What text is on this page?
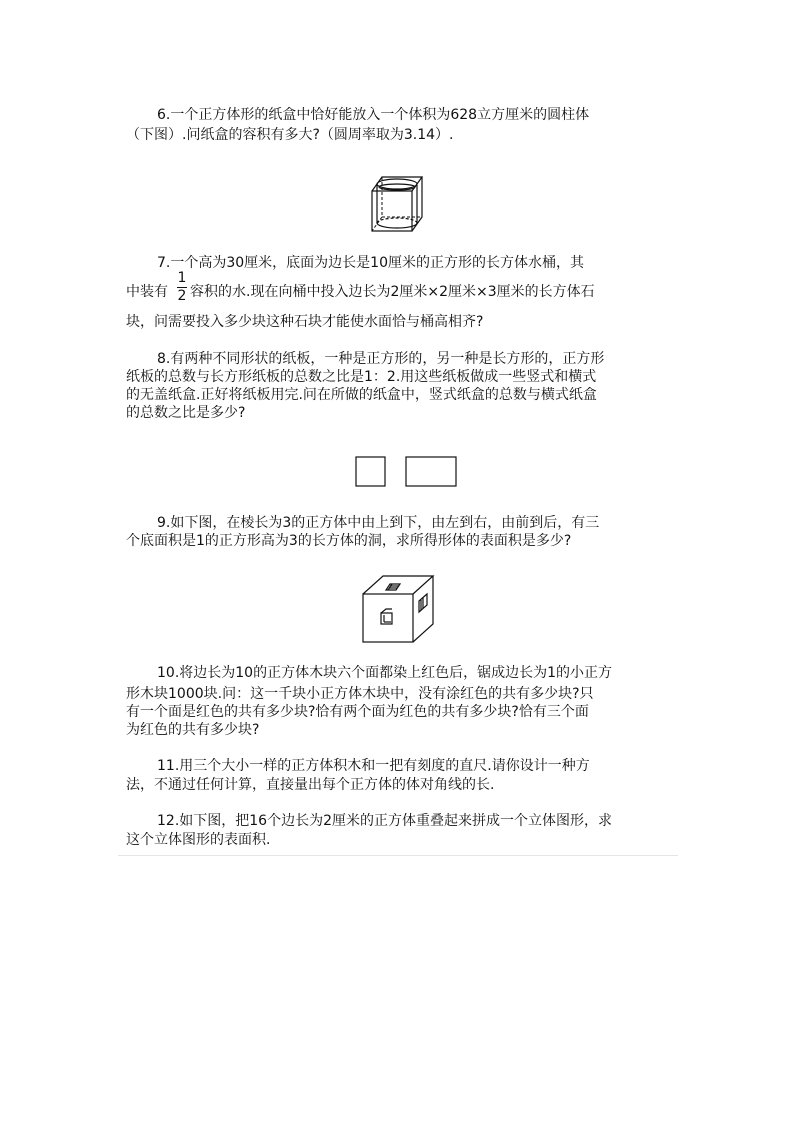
6.一个正方体形的纸盒中恰好能放入一个体积为628立方厘米的圆柱体
（下图）.问纸盒的容积有多大?（圆周率取为3.14）.
7.一个高为30厘米，底面为边长是10厘米的正方形的长方体水桶，其
中装有
1
2 容积的水.现在向桶中投入边长为2厘米×2厘米×3厘米的长方体石
块，问需要投入多少块这种石块才能使水面恰与桶高相齐?
8.有两种不同形状的纸板，一种是正方形的，另一种是长方形的，正方形
纸板的总数与长方形纸板的总数之比是1：2.用这些纸板做成一些竖式和横式
的无盖纸盒.正好将纸板用完.问在所做的纸盒中，竖式纸盒的总数与横式纸盒
的总数之比是多少?
9.如下图，在棱长为3的正方体中由上到下，由左到右，由前到后，有三
个底面积是1的正方形高为3的长方体的洞，求所得形体的表面积是多少?
10.将边长为10的正方体木块六个面都染上红色后，锯成边长为1的小正方
形木块1000块.问：这一千块小正方体木块中，没有涂红色的共有多少块?只
有一个面是红色的共有多少块?恰有两个面为红色的共有多少块?恰有三个面
为红色的共有多少块?
11.用三个大小一样的正方体积木和一把有刻度的直尺.请你设计一种方
法，不通过任何计算，直接量出每个正方体的体对角线的长.
12.如下图，把16个边长为2厘米的正方体重叠起来拼成一个立体图形，求
这个立体图形的表面积.
